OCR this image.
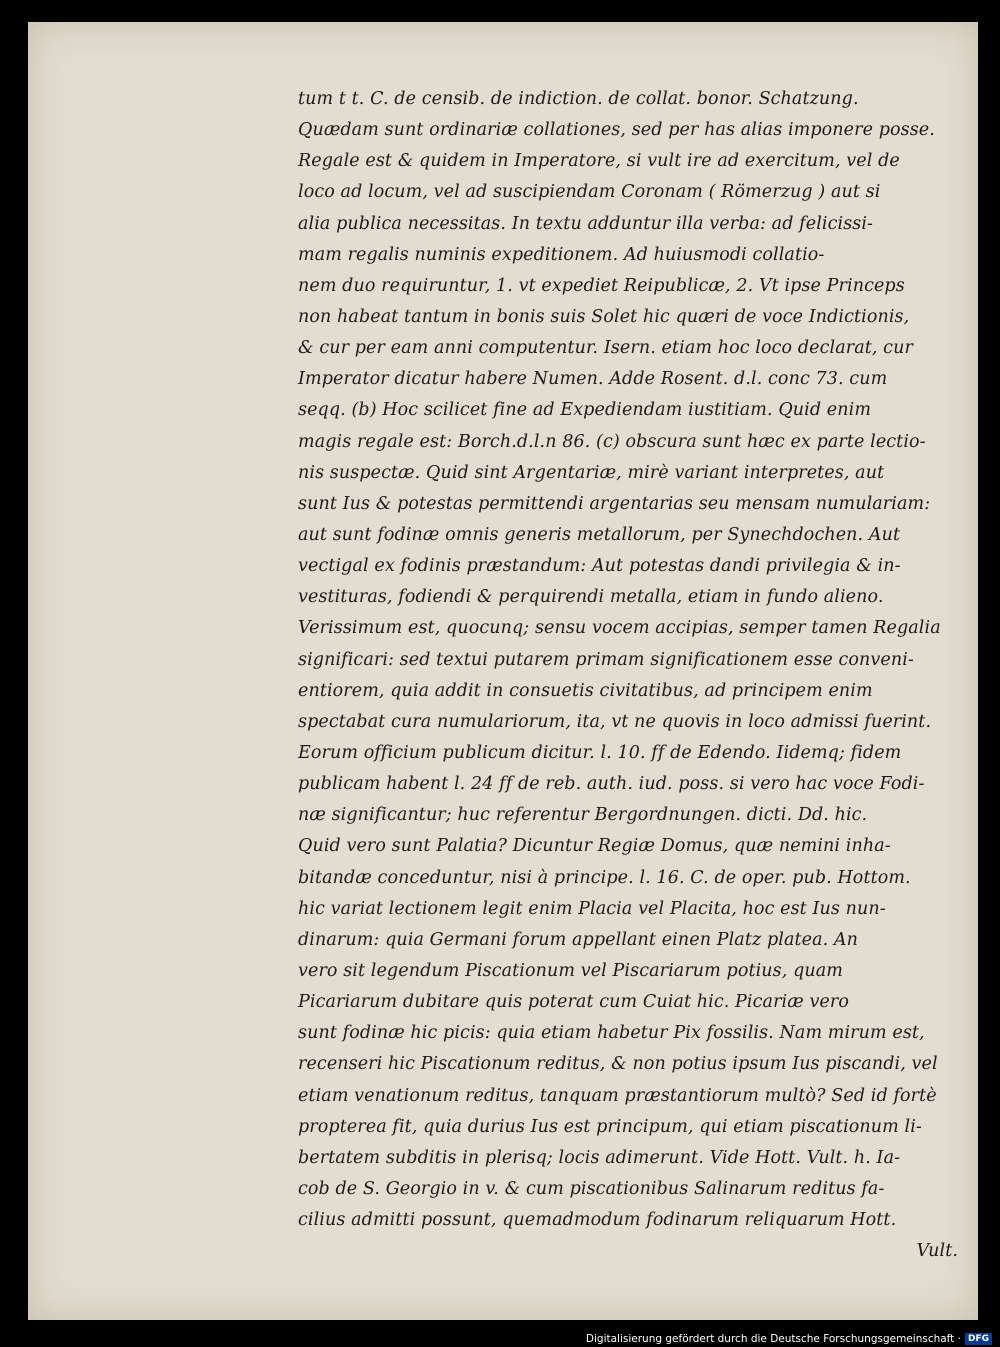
tum t t. C. de censib. de indiction. de collat. bonor. Schatzung.
Quædam sunt ordinariæ collationes, sed per has alias imponere posse.
Regale est & quidem in Imperatore, si vult ire ad exercitum, vel de
loco ad locum, vel ad suscipiendam Coronam ( Römerzug ) aut si
alia publica necessitas. In textu adduntur illa verba: ad felicissi-
mam regalis numinis expeditionem. Ad huiusmodi collatio-
nem duo requiruntur, 1. vt expediet Reipublicæ, 2. Vt ipse Princeps
non habeat tantum in bonis suis Solet hic quæri de voce Indictionis,
& cur per eam anni computentur. Isern. etiam hoc loco declarat, cur
Imperator dicatur habere Numen. Adde Rosent. d.l. conc 73. cum
seqq. (b) Hoc scilicet fine ad Expediendam iustitiam. Quid enim
magis regale est: Borch.d.l.n 86. (c) obscura sunt hæc ex parte lectio-
nis suspectæ. Quid sint Argentariæ, mirè variant interpretes, aut
sunt Ius & potestas permittendi argentarias seu mensam numulariam:
aut sunt fodinæ omnis generis metallorum, per Synechdochen. Aut
vectigal ex fodinis præstandum: Aut potestas dandi privilegia & in-
vestituras, fodiendi & perquirendi metalla, etiam in fundo alieno.
Verissimum est, quocunq; sensu vocem accipias, semper tamen Regalia
significari: sed textui putarem primam significationem esse conveni-
entiorem, quia addit in consuetis civitatibus, ad principem enim
spectabat cura numulariorum, ita, vt ne quovis in loco admissi fuerint.
Eorum officium publicum dicitur. l. 10. ff de Edendo. Iidemq; fidem
publicam habent l. 24 ff de reb. auth. iud. poss. si vero hac voce Fodi-
næ significantur; huc referentur Bergordnungen. dicti. Dd. hic.
Quid vero sunt Palatia? Dicuntur Regiæ Domus, quæ nemini inha-
bitandæ conceduntur, nisi à principe. l. 16. C. de oper. pub. Hottom.
hic variat lectionem legit enim Placia vel Placita, hoc est Ius nun-
dinarum: quia Germani forum appellant einen Platz platea. An
vero sit legendum Piscationum vel Piscariarum potius, quam
Picariarum dubitare quis poterat cum Cuiat hic. Picariæ vero
sunt fodinæ hic picis: quia etiam habetur Pix fossilis. Nam mirum est,
recenseri hic Piscationum reditus, & non potius ipsum Ius piscandi, vel
etiam venationum reditus, tanquam præstantiorum multò? Sed id fortè
propterea fit, quia durius Ius est principum, qui etiam piscationum li-
bertatem subditis in plerisq; locis adimerunt. Vide Hott. Vult. h. Ia-
cob de S. Georgio in v. & cum piscationibus Salinarum reditus fa-
cilius admitti possunt, quemadmodum fodinarum reliquarum Hott.
Vult.
Digitalisierung gefördert durch die Deutsche Forschungsgemeinschaft · DFG
